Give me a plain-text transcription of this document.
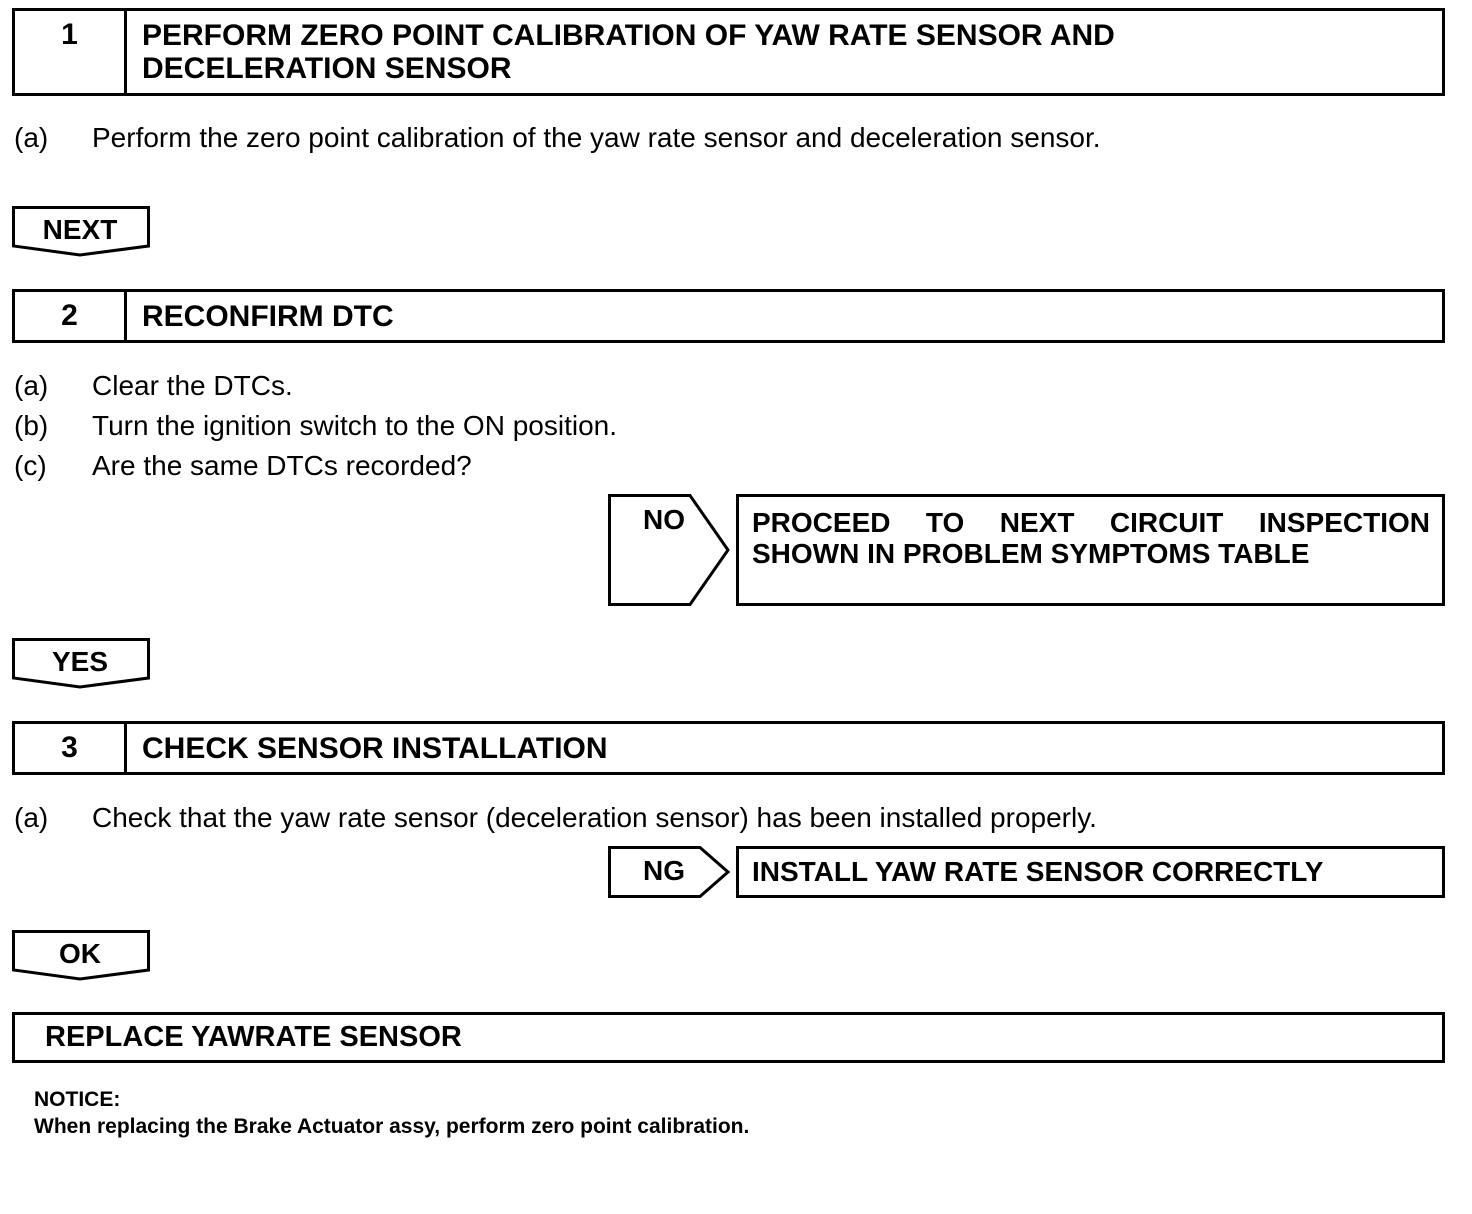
1	PERFORM ZERO POINT CALIBRATION OF YAW RATE SENSOR AND
DECELERATION SENSOR
(a) Perform the zero point calibration of the yaw rate sensor and deceleration sensor.
NEXT
2	RECONFIRM DTC
(a) Clear the DTCs.
(b) Turn the ignition switch to the ON position.
(c) Are the same DTCs recorded?
NO	PROCEED TO NEXT CIRCUIT INSPECTION
SHOWN IN PROBLEM SYMPTOMS TABLE
YES
3	CHECK SENSOR INSTALLATION
(a) Check that the yaw rate sensor (deceleration sensor) has been installed properly.
NG	INSTALL YAW RATE SENSOR CORRECTLY
OK
REPLACE YAWRATE SENSOR
NOTICE:
When replacing the Brake Actuator assy, perform zero point calibration.
